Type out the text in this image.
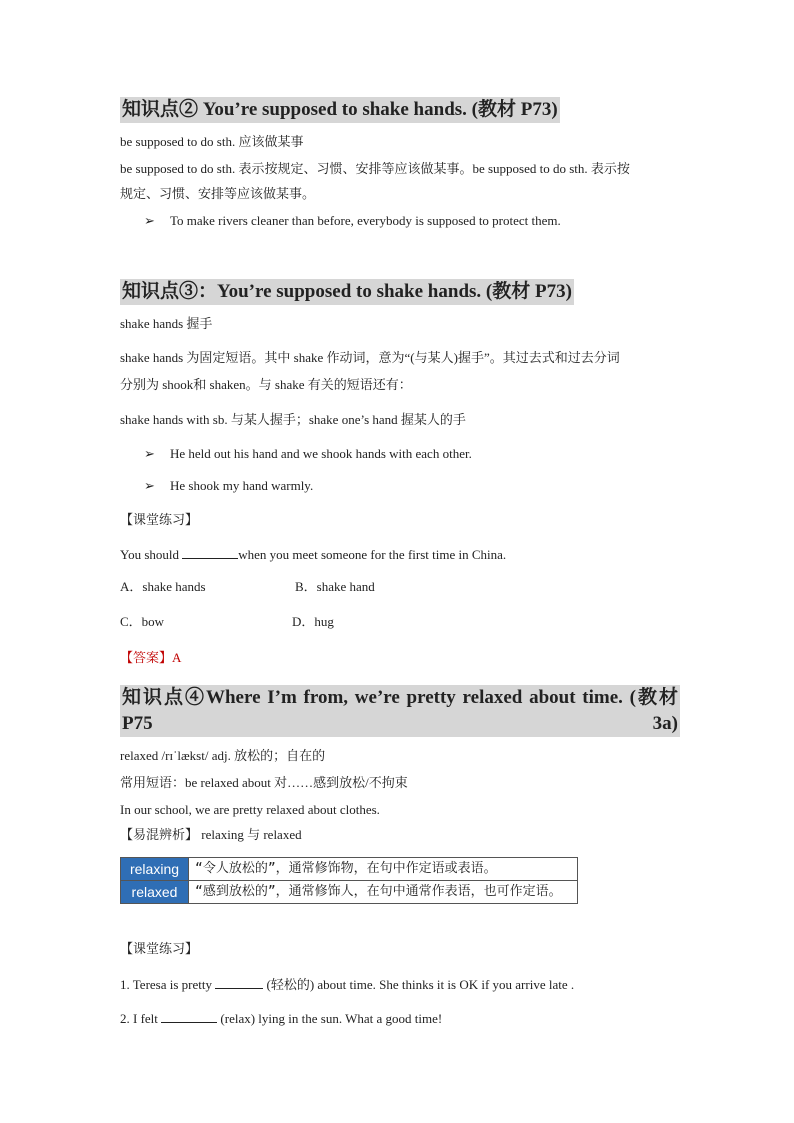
知识点② You’re supposed to shake hands. (教材 P73)
be supposed to do sth. 应该做某事
be supposed to do sth. 表示按规定、习惯、安排等应该做某事。be supposed to do sth. 表示按
规定、习惯、安排等应该做某事。
➢ To make rivers cleaner than before, everybody is supposed to protect them.
知识点③：You’re supposed to shake hands. (教材 P73)
shake hands 握手
shake hands 为固定短语。其中 shake 作动词，意为“(与某人)握手”。其过去式和过去分词
分别为 shook和 shaken。与 shake 有关的短语还有：
shake hands with sb. 与某人握手；shake one’s hand 握某人的手
➢ He held out his hand and we shook hands with each other.
➢ He shook my hand warmly.
【课堂练习】
You should	when you meet someone for the first time in China.
A．shake hands	B．shake hand
C．bow	D．hug
【答案】A
知识点④Where I’m from, we’re pretty relaxed about time. (教材 P75 3a)
relaxed /rɪˈlækst/ adj. 放松的；自在的
常用短语：be relaxed about 对……感到放松/不拘束
In our school, we are pretty relaxed about clothes.
【易混辨析】 relaxing 与 relaxed
relaxing	“令人放松的”，通常修饰物，在句中作定语或表语。
relaxed	“感到放松的”，通常修饰人，在句中通常作表语，也可作定语。
【课堂练习】
1. Teresa is pretty	(轻松的) about time. She thinks it is OK if you arrive late .
2. I felt	(relax) lying in the sun. What a good time!
